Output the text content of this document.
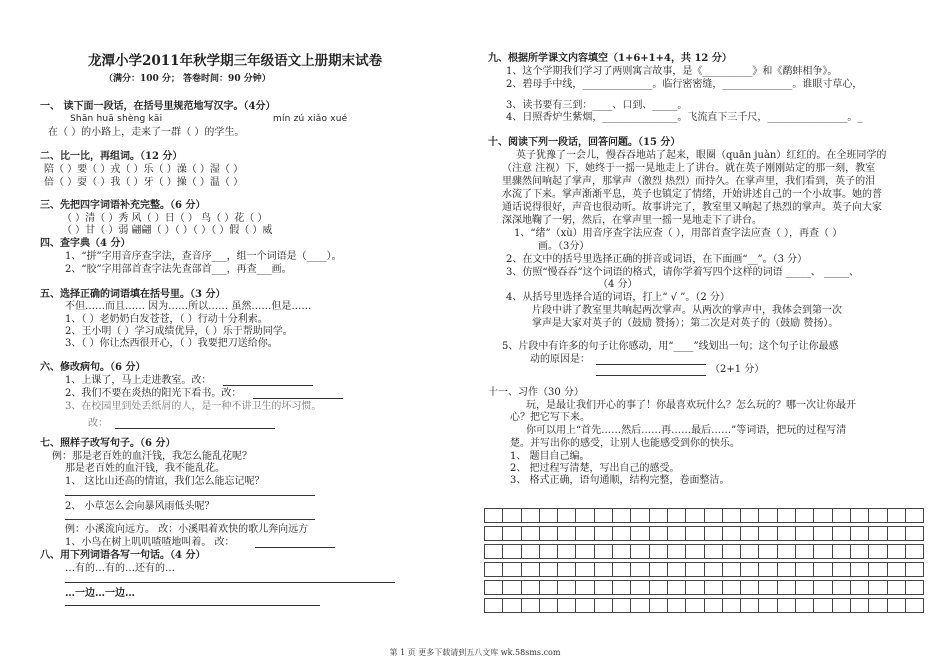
龙潭小学2011年秋学期三年级语文上册期末试卷
（满分：100 分； 答卷时间：90 分钟）
一、 读下面一段话，在括号里规范地写汉字。（4分）
Shān huā shèng kāi	mín zú xiǎo xué
在（ ）的小路上，走来了一群（ ）的学生。
二、比一比，再组词。（12 分）
陪（ ）要（ ）戎（ ）乐（ ）澡（ ）湿（ ）
倍（ ）耍（ ）我（ ）牙（ ）操（ ）温（ ）
三、先把四字词语补充完整。（6 分）
（ ）清（ ）秀 风（ ）日（ ） 鸟（ ）花（ ）
（ ）甘（ ）弱 翩翩（ ）（ ）（ ）（ ）假（ ）威
四、查字典（4 分）
1、“拼”字用音序查字法，查音序___，组一个词语是（____）。
2、“胶”字用部首查字法先查部首___，再查___画。
五、选择正确的词语填在括号里。（3 分）
不但……而且…… 因为……所以…… 虽然……但是……
1、（ ）老奶奶白发苍苍，（ ）行动十分利索。
2、王小明（ ）学习成绩优异，（ ）乐于帮助同学。
3、（ ）你让杰西很开心，（ ）我要把刀送给你。
六、修改病句。（6 分）
1、上课了，马上走进教室。改：
2、我们不要在炎热的阳光下看书。改：
3、在校园里到处丢纸屑的人，是一种不讲卫生的坏习惯。
改：
七、照样子改写句子。（6 分）
例：那是老百姓的血汗钱，我怎么能乱花呢？
那是老百姓的血汗钱，我不能乱花。
1、 这比山还高的情谊，我们怎么能忘记呢？
2、 小草怎么会向暴风雨低头呢？
例：小溪流向远方。 改：小溪唱着欢快的歌儿奔向远方
1、小鸟在树上叽叽喳喳地叫着。 改：
八、用下列词语各写一句话。（4 分）
…有的…有的…还有的…
…一边…一边…
九、根据所学课文内容填空（1+6+1+4，共 12 分）
1、这个学期我们学习了两则寓言故事，是《__________》和《鹬蚌相争》。
2、碧母手中线，______________。临行密密缝，______________。谁眼寸草心，
3、读书要有三到：____、口到、_____。
4、日照香炉生紫烟，_______________。飞流直下三千尺，________________。_
十、阅读下列一段话，回答问题。（15 分）
英子犹豫了一会儿，慢吞吞地站了起来，眼圈（quān juàn）红红的。在全班同学的
（注意 注视）下，她终于一摇一晃地走上了讲台。就在英子刚刚站定的那一刻，教室
里骤然间响起了掌声，那掌声（激烈 热烈）而持久。在掌声里，我们看到，英子的泪
水流了下来。掌声渐渐平息，英子也镇定了情绪，开始讲述自己的一个小故事。她的普
通话说得很好，声音也很动听。故事讲完了，教室里又响起了热烈的掌声。英子向大家
深深地鞠了一躬，然后，在掌声里一摇一晃地走下了讲台。
1、“绪”（xù）用音序查字法应查（ ），用部首查字法应查（ ），再查（ ）
画。（3分）
2、在文中的括号里选择正确的拼音或词语，在下面画“__”。（3 分）
3、仿照“慢吞吞”这个词语的格式，请你学着写四个这样的词语 _____、 _____、
（4 分）
4、从括号里选择合适的词语，打上“ √ ”。（2 分）
片段中讲了教室里共响起两次掌声。从两次的掌声中，我体会到第一次
掌声是大家对英子的（鼓励 赞扬）；第二次是对英子的（鼓励 赞扬）。
5、片段中有许多的句子让你感动，用“____”线划出一句；这个句子让你最感
动的原因是：
（2+1 分）
十一、习作（30 分）
玩，是最让我们开心的事了！你最喜欢玩什么？怎么玩的？哪一次让你最开
心？把它写下来。
你可以用上“首先……然后……再……最后……”等词语，把玩的过程写清
楚。并写出你的感受，让别人也能感受到你的快乐。
1、 题目自己编。
2、 把过程写清楚，写出自己的感受。
3、 格式正确，语句通顺，结构完整，卷面整洁。
第 1 页 更多下载请到五八文库 wk.58sms.com
